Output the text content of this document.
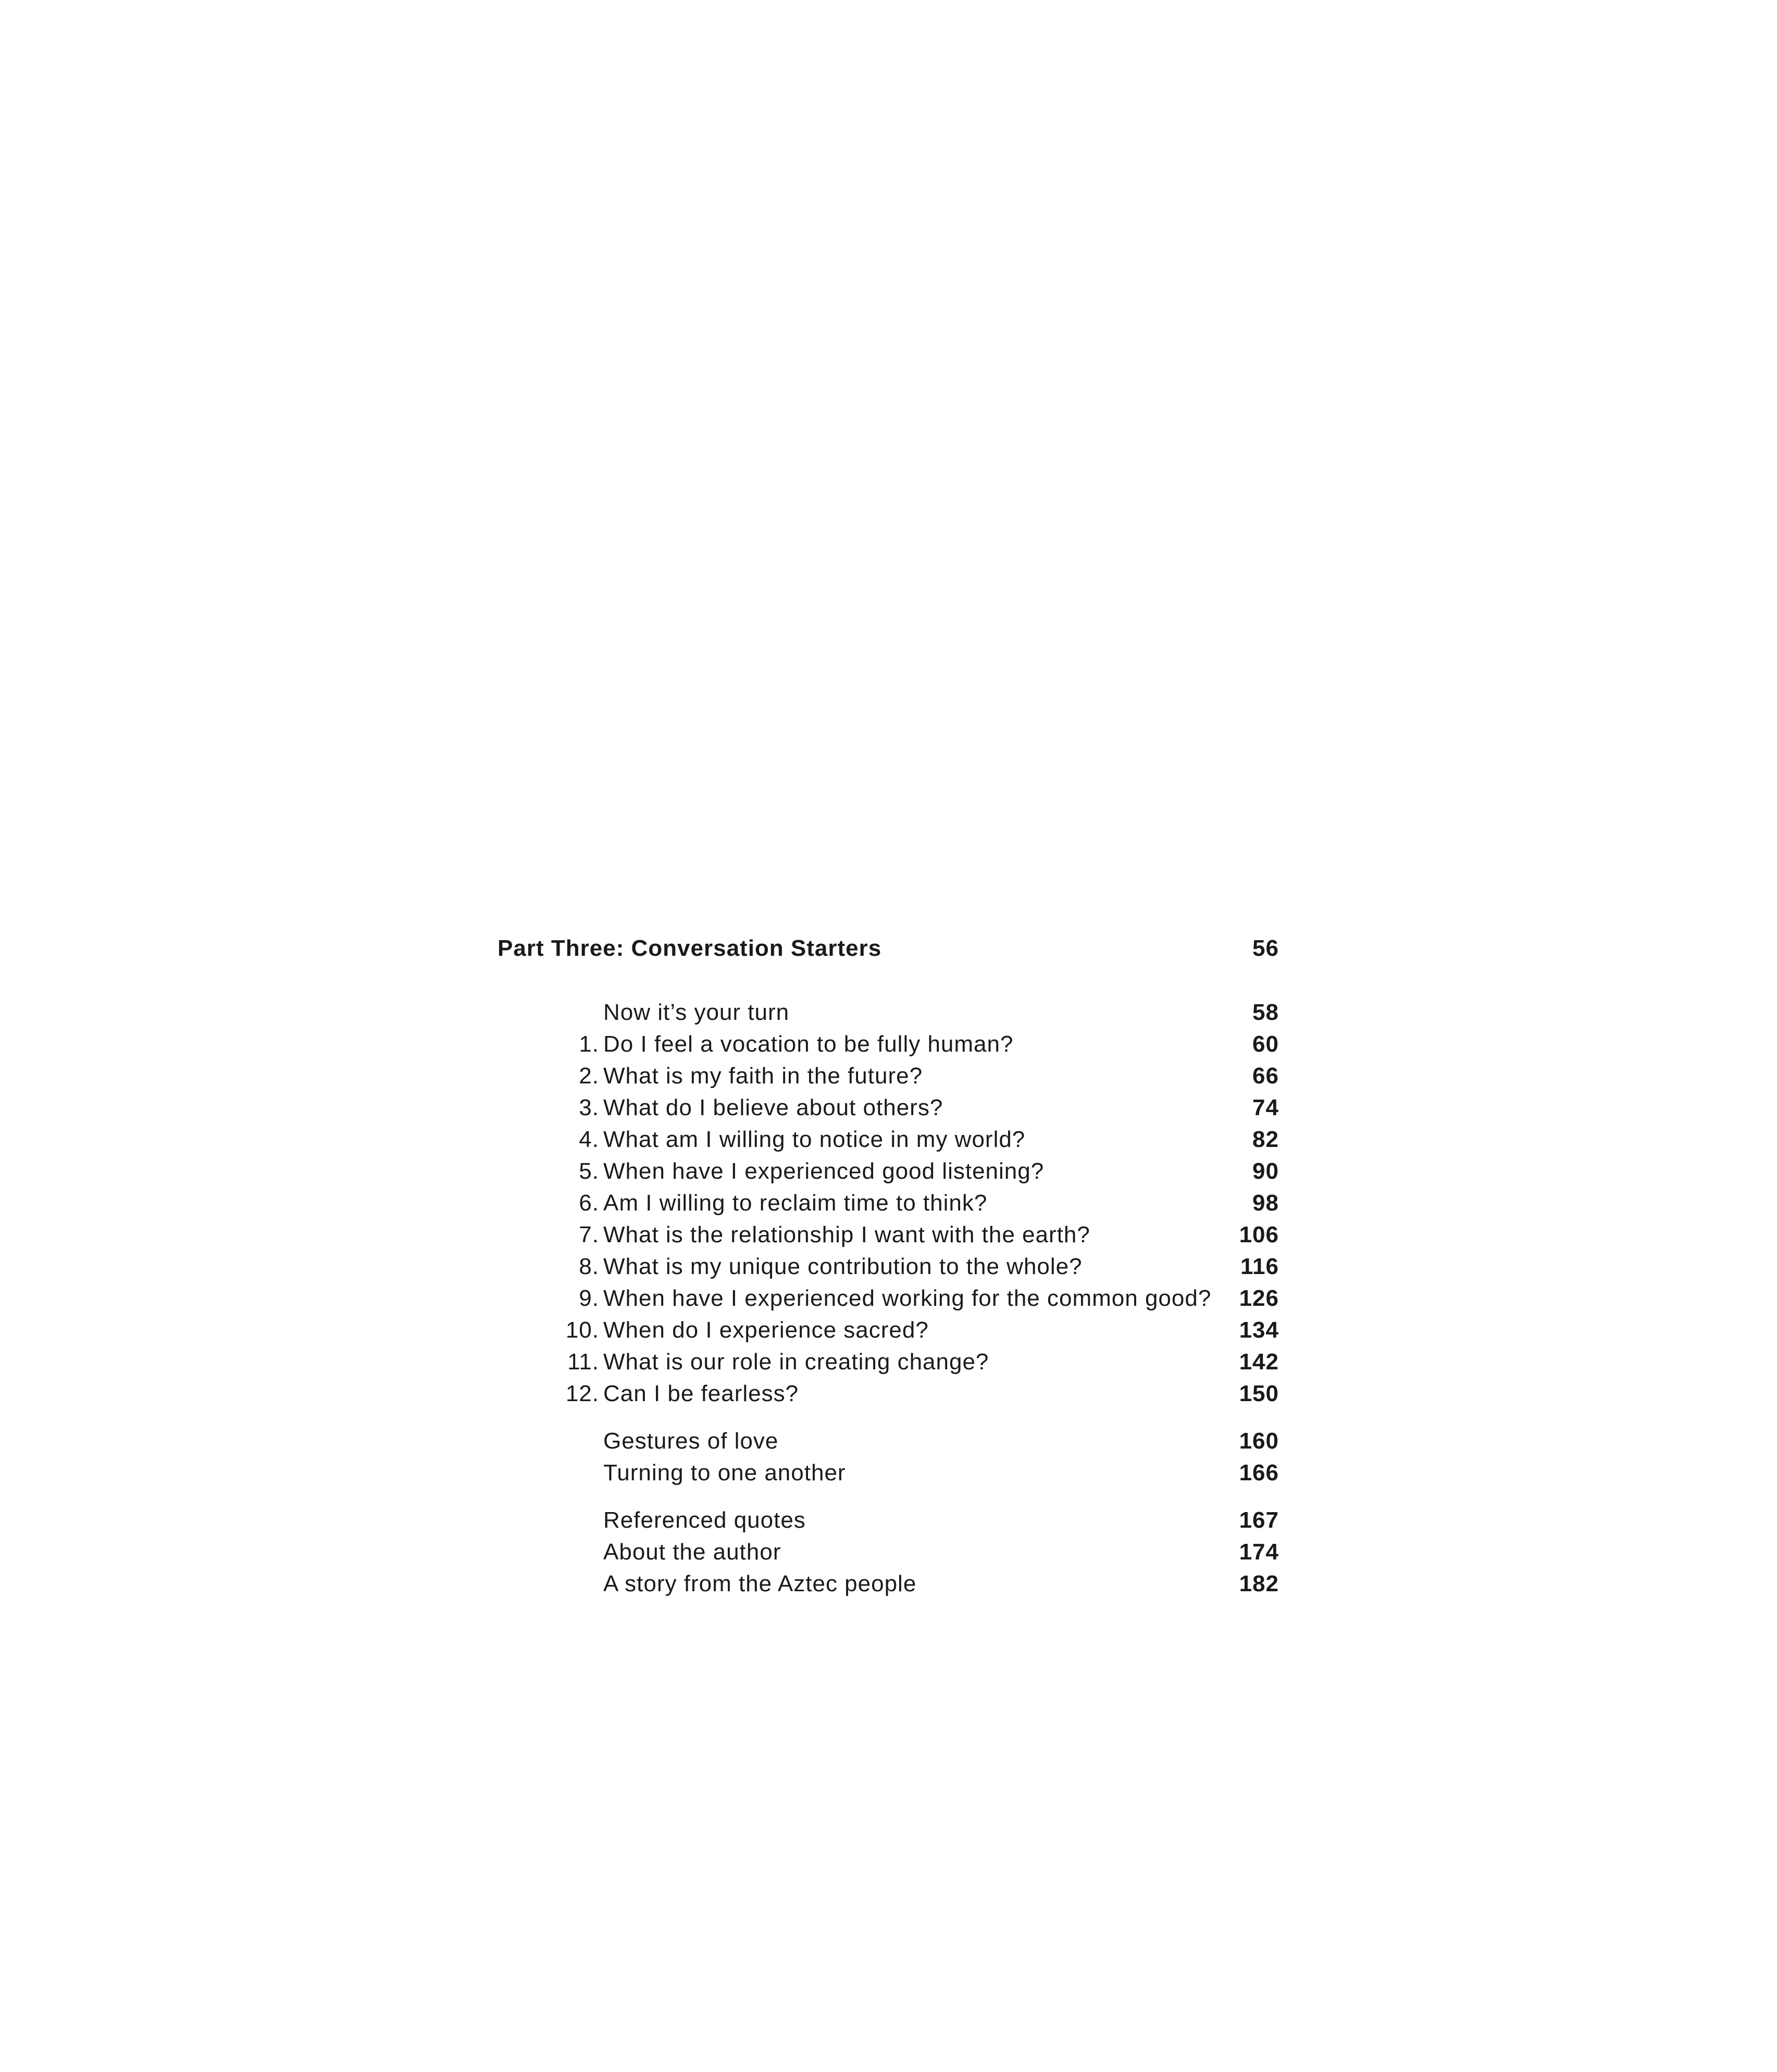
Part Three: Conversation Starters	56
Now it’s your turn	58
1. Do I feel a vocation to be fully human?	60
2. What is my faith in the future?	66
3. What do I believe about others?	74
4. What am I willing to notice in my world?	82
5. When have I experienced good listening?	90
6. Am I willing to reclaim time to think?	98
7. What is the relationship I want with the earth?	106
8. What is my unique contribution to the whole?	116
9. When have I experienced working for the common good? 126
10. When do I experience sacred?	134
11. What is our role in creating change?	142
12. Can I be fearless?	150
Gestures of love	160
Turning to one another	166
Referenced quotes	167
About the author	174
A story from the Aztec people	182
